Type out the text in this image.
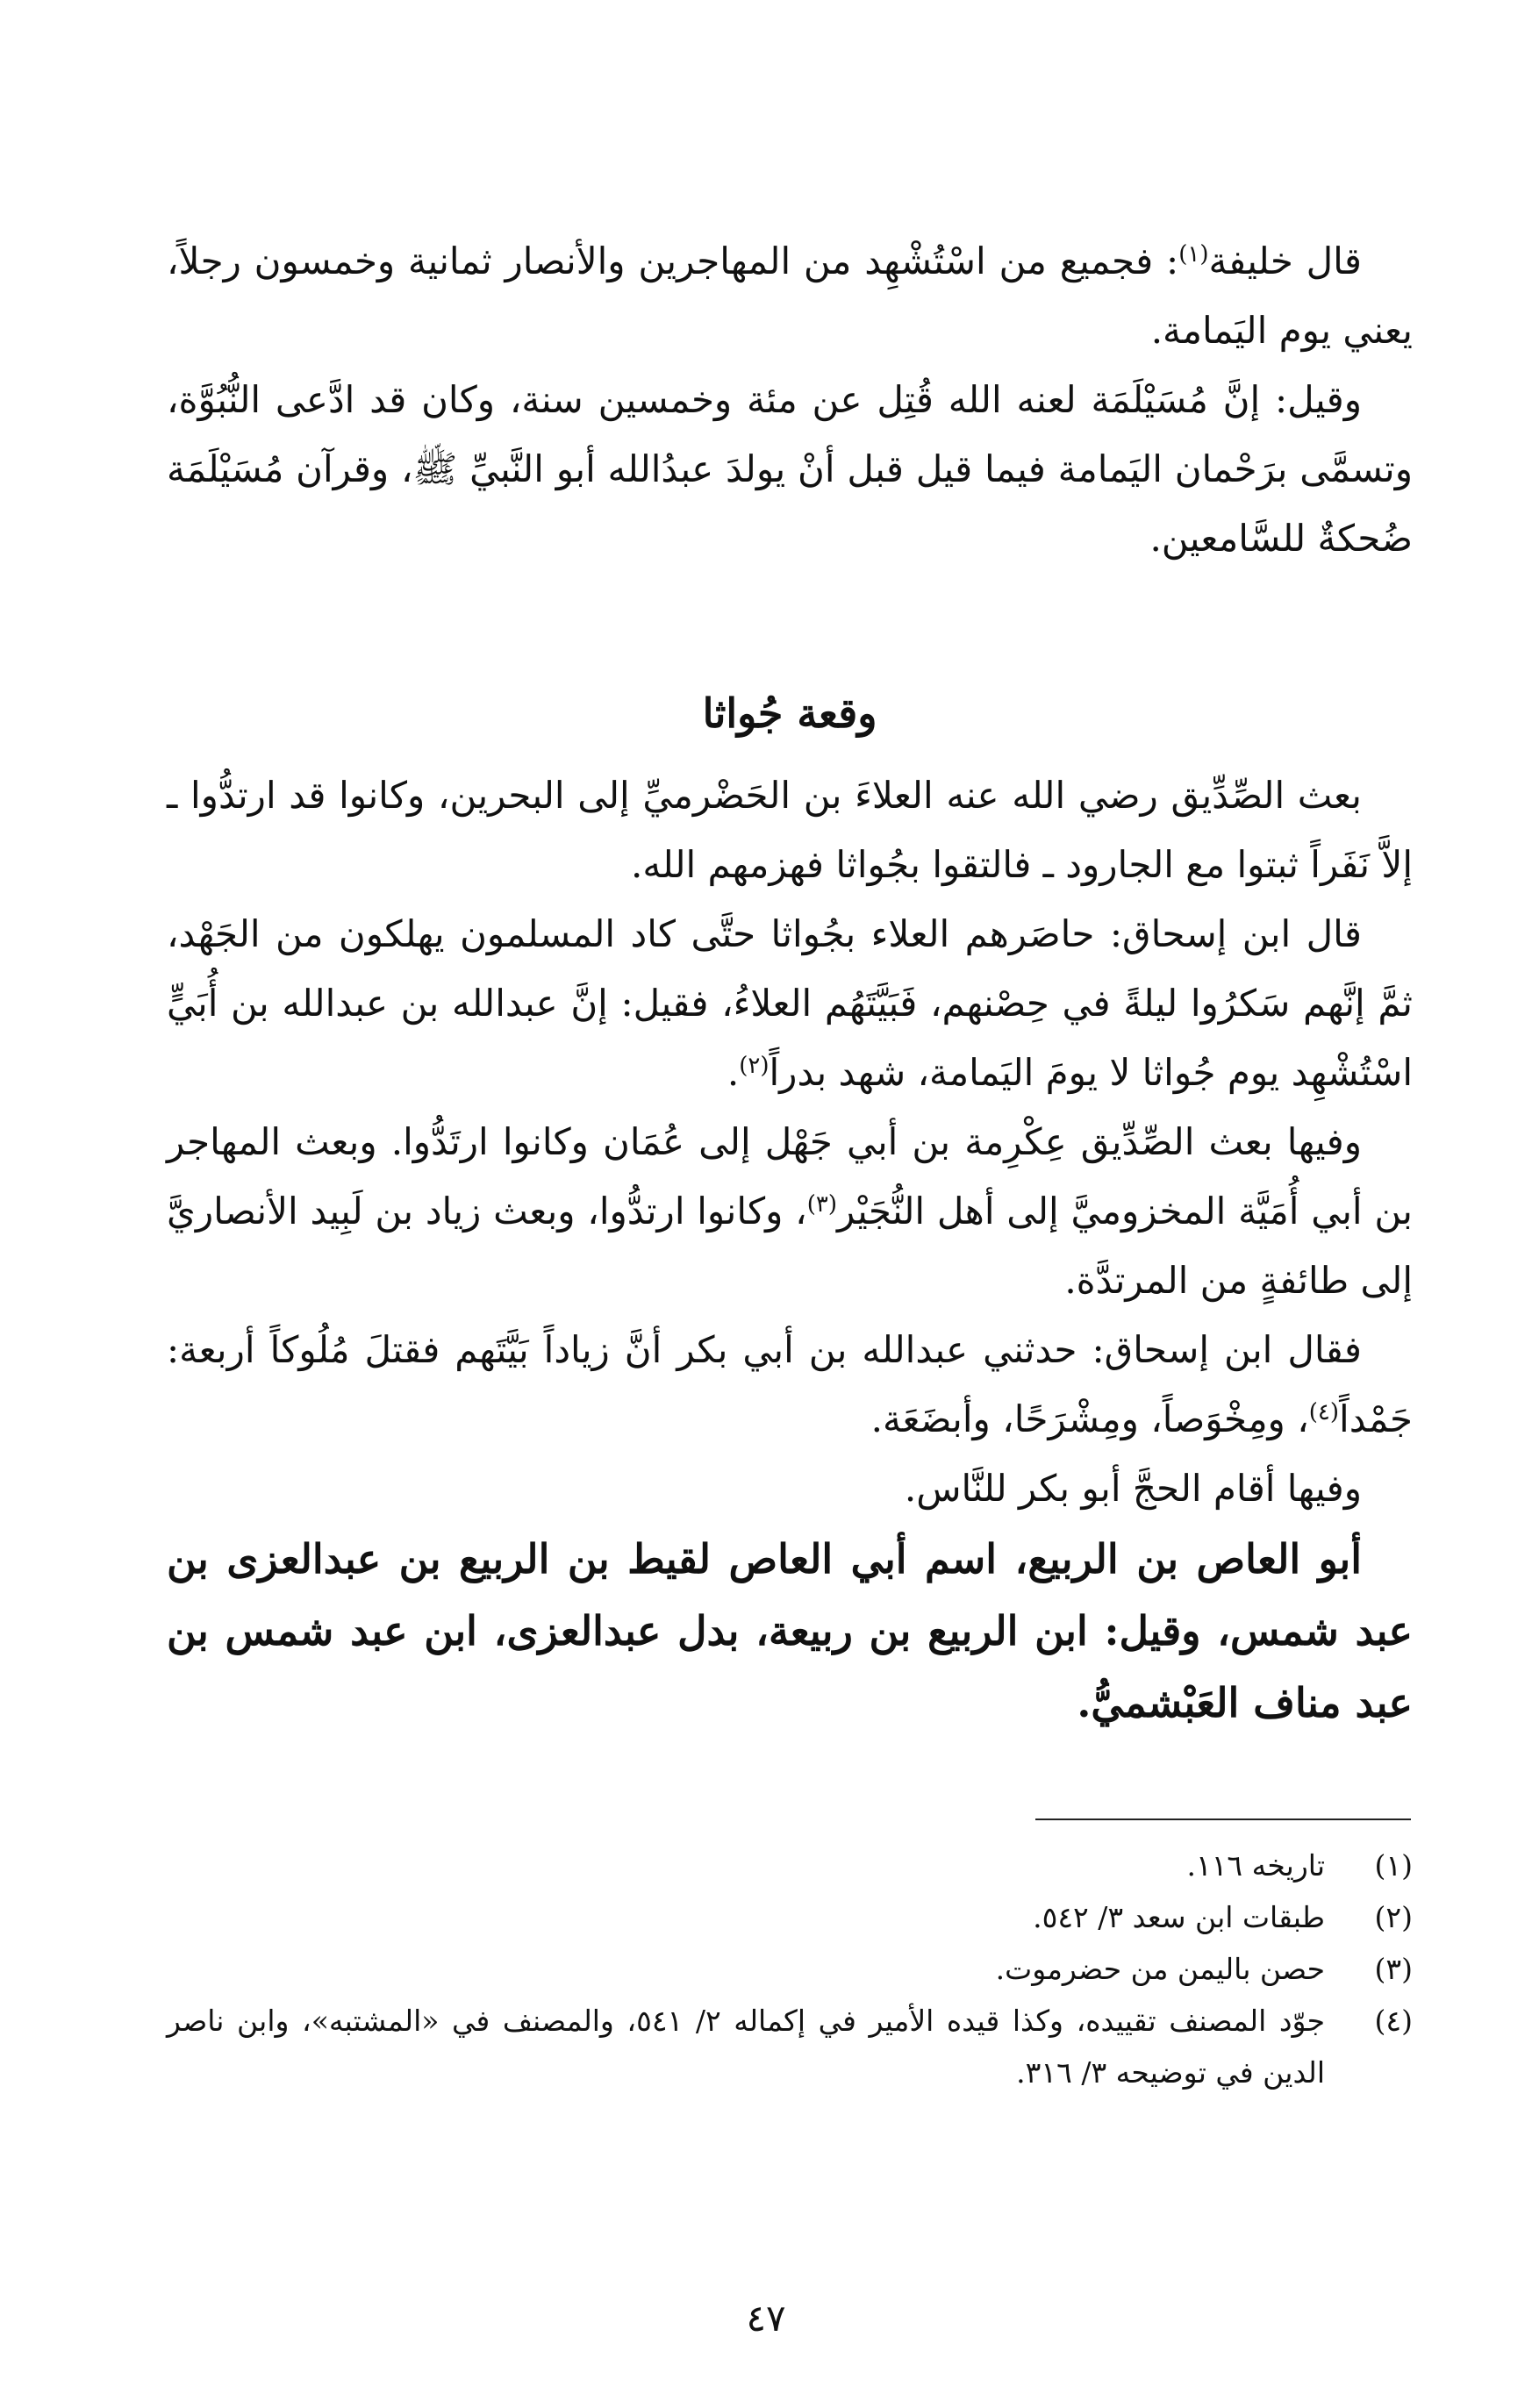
قال خليفة$^{(١)}$: فجميع من اسْتُشْهِد من المهاجرين والأنصار ثمانية وخمسون رجلاً، يعني يوم اليَمامة.

وقيل: إنَّ مُسَيْلَمَة لعنه الله قُتِل عن مئة وخمسين سنة، وكان قد ادَّعى النُّبُوَّة، وتسمَّى برَحْمان اليَمامة فيما قيل قبل أنْ يولدَ عبدُالله أبو النَّبيِّ ﷺ، وقرآن مُسَيْلَمَة ضُحكةٌ للسَّامعين.

وقعة جُواثا

بعث الصِّدِّيق رضي الله عنه العلاءَ بن الحَضْرميِّ إلى البحرين، وكانوا قد ارتدُّوا ـ إلاَّ نَفَراً ثبتوا مع الجارود ـ فالتقوا بجُواثا فهزمهم الله.

قال ابن إسحاق: حاصَرهم العلاء بجُواثا حتَّى كاد المسلمون يهلكون من الجَهْد، ثمَّ إنَّهم سَكرُوا ليلةً في حِصْنهم، فَبَيَّتَهُم العلاءُ، فقيل: إنَّ عبدالله بن عبدالله بن أُبَيٍّ اسْتُشْهِد يوم جُواثا لا يومَ اليَمامة، شهد بدراً$^{(٢)}$.

وفيها بعث الصِّدِّيق عِكْرِمة بن أبي جَهْل إلى عُمَان وكانوا ارتَدُّوا. وبعث المهاجر بن أبي أُمَيَّة المخزوميَّ إلى أهل النُّجَيْر$^{(٣)}$، وكانوا ارتدُّوا، وبعث زياد بن لَبِيد الأنصاريَّ إلى طائفةٍ من المرتدَّة.

فقال ابن إسحاق: حدثني عبدالله بن أبي بكر أنَّ زياداً بَيَّتَهم فقتلَ مُلُوكاً أربعة: جَمْداً$^{(٤)}$، ومِخْوَصاً، ومِشْرَحًا، وأبضَعَة.

وفيها أقام الحجَّ أبو بكر للنَّاس.

أبو العاص بن الربيع، اسم أبي العاص لقيط بن الربيع بن عبدالعزى بن عبد شمس، وقيل: ابن الربيع بن ربيعة، بدل عبدالعزى، ابن عبد شمس بن عبد مناف العَبْشميُّ.

(١)
تاريخه ١١٦.
(٢)
طبقات ابن سعد ٣/ ٥٤٢.
(٣)
حصن باليمن من حضرموت.
(٤)
جوّد المصنف تقييده، وكذا قيده الأمير في إكماله ٢/ ٥٤١، والمصنف في «المشتبه»، وابن ناصر الدين في توضيحه ٣/ ٣١٦.
٤٧
